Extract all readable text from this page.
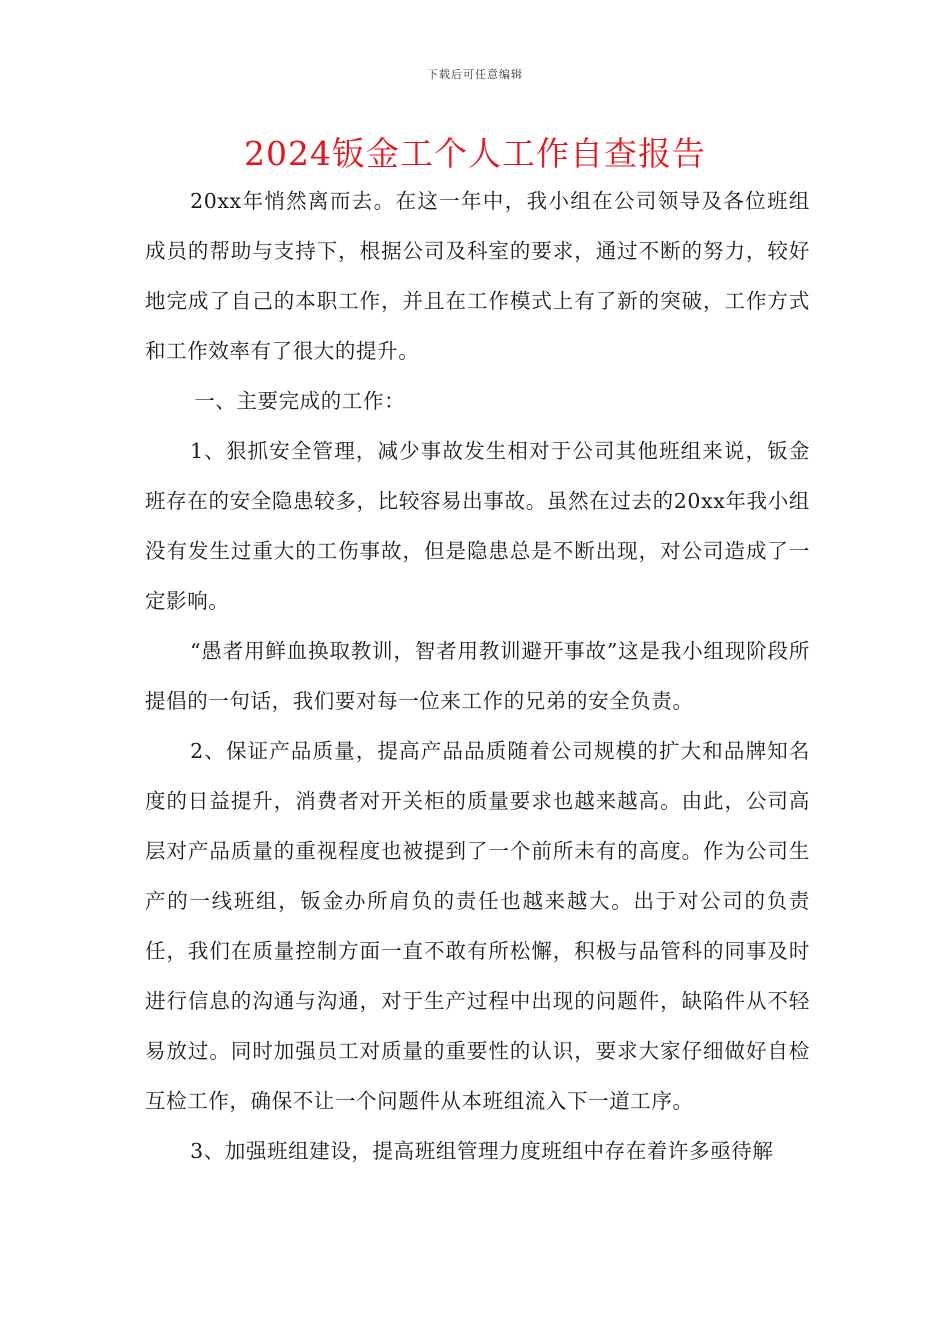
下载后可任意编辑
2024钣金工个人工作自查报告

20xx年悄然离而去。在这一年中，我小组在公司领导及各位班组成员的帮助与支持下，根据公司及科室的要求，通过不断的努力，较好地完成了自己的本职工作，并且在工作模式上有了新的突破，工作方式和工作效率有了很大的提升。

一、主要完成的工作：

1、狠抓安全管理，减少事故发生相对于公司其他班组来说，钣金班存在的安全隐患较多，比较容易出事故。虽然在过去的20xx年我小组没有发生过重大的工伤事故，但是隐患总是不断出现，对公司造成了一定影响。

“愚者用鲜血换取教训，智者用教训避开事故”这是我小组现阶段所提倡的一句话，我们要对每一位来工作的兄弟的安全负责。

2、保证产品质量，提高产品品质随着公司规模的扩大和品牌知名度的日益提升，消费者对开关柜的质量要求也越来越高。由此，公司高层对产品质量的重视程度也被提到了一个前所未有的高度。作为公司生产的一线班组，钣金办所肩负的责任也越来越大。出于对公司的负责任，我们在质量控制方面一直不敢有所松懈，积极与品管科的同事及时进行信息的沟通与沟通，对于生产过程中出现的问题件，缺陷件从不轻易放过。同时加强员工对质量的重要性的认识，要求大家仔细做好自检互检工作，确保不让一个问题件从本班组流入下一道工序。

3、加强班组建设，提高班组管理力度班组中存在着许多亟待解
